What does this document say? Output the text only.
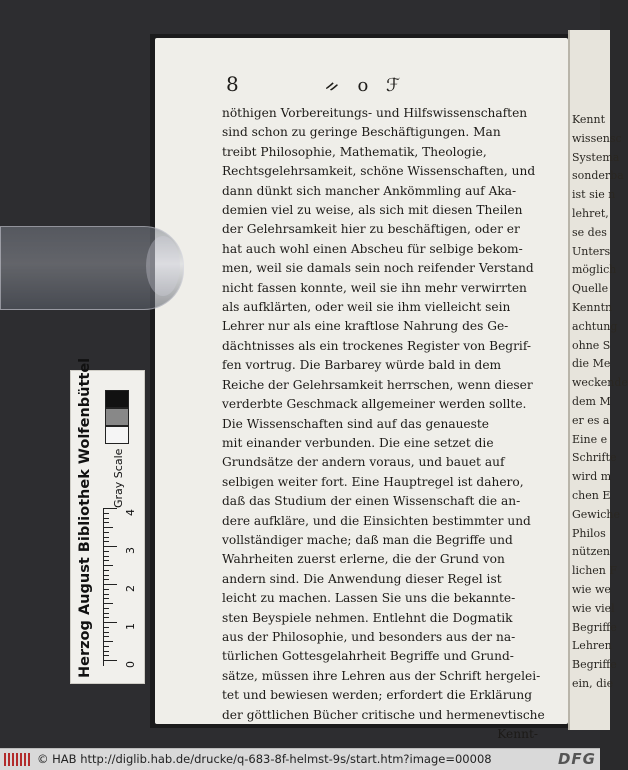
Kennt
wissensc
Systema
sonderba
ist sie n
lehret,
se des
Unters
möglich
Quelle
Kenntn
achtung
ohne S
die Me
weckende
dem M
er es a
Eine e
Schrifte
wird m
chen E
Gewiche
Philos
nützen
lichen F
wie we
wie viel
Begriffe
Lehren
Begriffe
ein, die
8	ᨀ o ℱ
nöthigen Vorbereitungs- und Hilfswissenschaften
sind schon zu geringe Beschäftigungen. Man
treibt Philosophie, Mathematik, Theologie,
Rechtsgelehrsamkeit, schöne Wissenschaften, und
dann dünkt sich mancher Ankömmling auf Aka-
demien viel zu weise, als sich mit diesen Theilen
der Gelehrsamkeit hier zu beschäftigen, oder er
hat auch wohl einen Abscheu für selbige bekom-
men, weil sie damals sein noch reifender Verstand
nicht fassen konnte, weil sie ihn mehr verwirrten
als aufklärten, oder weil sie ihm vielleicht sein
Lehrer nur als eine kraftlose Nahrung des Ge-
dächtnisses als ein trockenes Register von Begrif-
fen vortrug. Die Barbarey würde bald in dem
Reiche der Gelehrsamkeit herrschen, wenn dieser
verderbte Geschmack allgemeiner werden sollte.
Die Wissenschaften sind auf das genaueste
mit einander verbunden. Die eine setzet die
Grundsätze der andern voraus, und bauet auf
selbigen weiter fort. Eine Hauptregel ist dahero,
daß das Studium der einen Wissenschaft die an-
dere aufkläre, und die Einsichten bestimmter und
vollständiger mache; daß man die Begriffe und
Wahrheiten zuerst erlerne, die der Grund von
andern sind. Die Anwendung dieser Regel ist
leicht zu machen. Lassen Sie uns die bekannte-
sten Beyspiele nehmen. Entlehnt die Dogmatik
aus der Philosophie, und besonders aus der na-
türlichen Gottesgelahrheit Begriffe und Grund-
sätze, müssen ihre Lehren aus der Schrift hergelei-
tet und bewiesen werden; erfordert die Erklärung
der göttlichen Bücher critische und hermenevtische
Kennt-
Herzog August Bibliothek Wolfenbüttel	Gray Scale
4
3
2
1
0
© HAB http://diglib.hab.de/drucke/q-683-8f-helmst-9s/start.htm?image=00008	DFG
